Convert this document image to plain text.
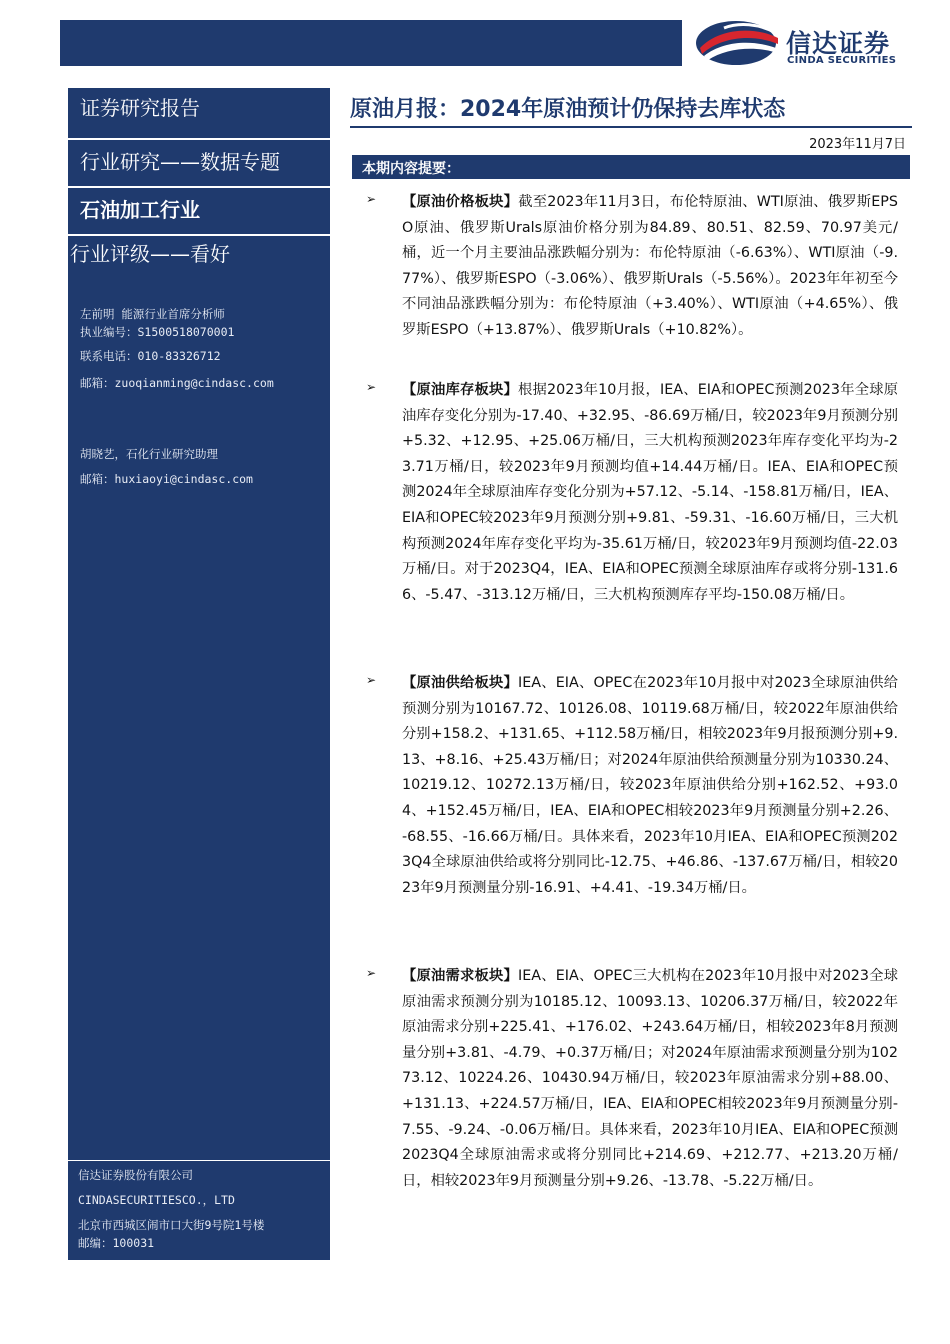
信达证券
CINDA SECURITIES
证券研究报告
行业研究——数据专题
石油加工行业
行业评级——看好
左前明 能源行业首席分析师
执业编号：S1500518070001
联系电话：010-83326712
邮箱：zuoqianming@cindasc.com
胡晓艺，石化行业研究助理
邮箱：huxiaoyi@cindasc.com
信达证券股份有限公司
CINDASECURITIESCO.，LTD
北京市西城区闹市口大街9号院1号楼
邮编：100031
原油月报：2024年原油预计仍保持去库状态
2023年11月7日
本期内容提要：
➢ 【原油价格板块】截至2023年11月3日，布伦特原油、WTI原油、俄罗斯EPSO原油、俄罗斯Urals原油价格分别为84.89、80.51、82.59、70.97美元/桶，近一个月主要油品涨跌幅分别为：布伦特原油（-6.63%）、WTI原油（-9.77%）、俄罗斯ESPO（-3.06%）、俄罗斯Urals（-5.56%）。2023年年初至今不同油品涨跌幅分别为：布伦特原油（+3.40%）、WTI原油（+4.65%）、俄罗斯ESPO（+13.87%）、俄罗斯Urals（+10.82%）。
➢ 【原油库存板块】根据2023年10月报，IEA、EIA和OPEC预测2023年全球原油库存变化分别为-17.40、+32.95、-86.69万桶/日，较2023年9月预测分别+5.32、+12.95、+25.06万桶/日，三大机构预测2023年库存变化平均为-23.71万桶/日，较2023年9月预测均值+14.44万桶/日。IEA、EIA和OPEC预测2024年全球原油库存变化分别为+57.12、-5.14、-158.81万桶/日，IEA、EIA和OPEC较2023年9月预测分别+9.81、-59.31、-16.60万桶/日，三大机构预测2024年库存变化平均为-35.61万桶/日，较2023年9月预测均值-22.03万桶/日。对于2023Q4，IEA、EIA和OPEC预测全球原油库存或将分别-131.66、-5.47、-313.12万桶/日，三大机构预测库存平均-150.08万桶/日。
➢ 【原油供给板块】IEA、EIA、OPEC在2023年10月报中对2023全球原油供给预测分别为10167.72、10126.08、10119.68万桶/日，较2022年原油供给分别+158.2、+131.65、+112.58万桶/日，相较2023年9月报预测分别+9.13、+8.16、+25.43万桶/日；对2024年原油供给预测量分别为10330.24、10219.12、10272.13万桶/日，较2023年原油供给分别+162.52、+93.04、+152.45万桶/日，IEA、EIA和OPEC相较2023年9月预测量分别+2.26、-68.55、-16.66万桶/日。具体来看，2023年10月IEA、EIA和OPEC预测2023Q4全球原油供给或将分别同比-12.75、+46.86、-137.67万桶/日，相较2023年9月预测量分别-16.91、+4.41、-19.34万桶/日。
➢ 【原油需求板块】IEA、EIA、OPEC三大机构在2023年10月报中对2023全球原油需求预测分别为10185.12、10093.13、10206.37万桶/日，较2022年原油需求分别+225.41、+176.02、+243.64万桶/日，相较2023年8月预测量分别+3.81、-4.79、+0.37万桶/日；对2024年原油需求预测量分别为10273.12、10224.26、10430.94万桶/日，较2023年原油需求分别+88.00、+131.13、+224.57万桶/日，IEA、EIA和OPEC相较2023年9月预测量分别-7.55、-9.24、-0.06万桶/日。具体来看，2023年10月IEA、EIA和OPEC预测2023Q4全球原油需求或将分别同比+214.69、+212.77、+213.20万桶/日，相较2023年9月预测量分别+9.26、-13.78、-5.22万桶/日。
